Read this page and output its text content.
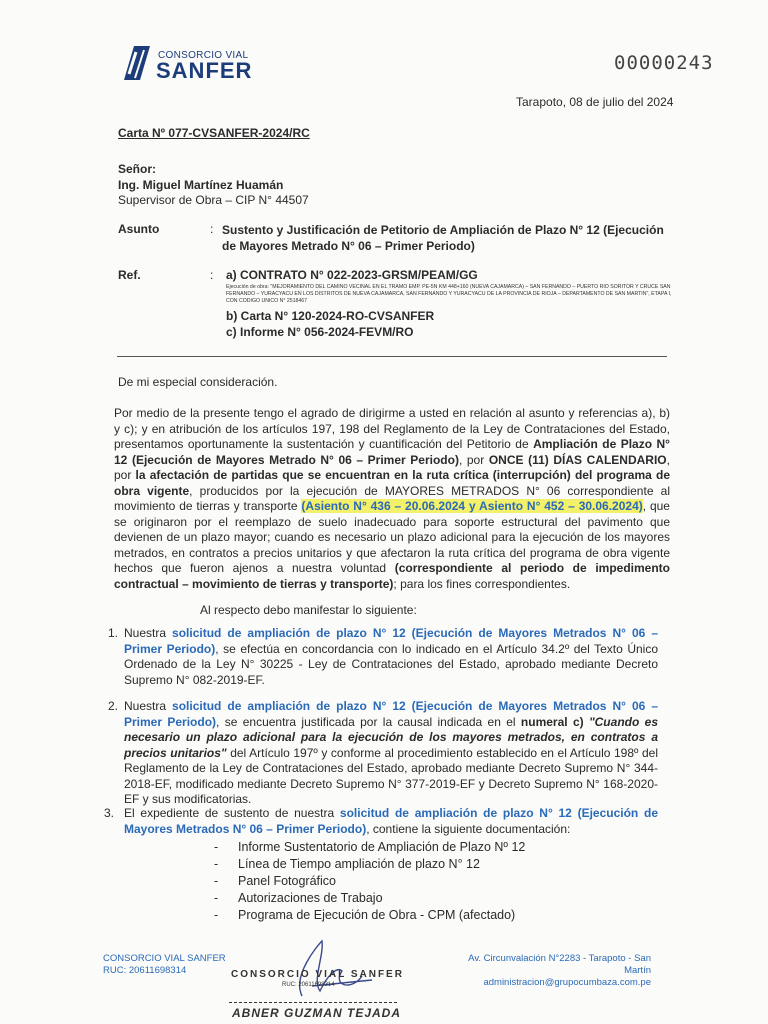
CONSORCIO VIAL
SANFER	00000243
Tarapoto, 08 de julio del 2024
Carta Nº 077-CVSANFER-2024/RC
Señor:
Ing. Miguel Martínez Huamán
Supervisor de Obra – CIP N° 44507
Asunto	: Sustento y Justificación de Petitorio de Ampliación de Plazo N° 12 (Ejecución de Mayores Metrado N° 06 – Primer Periodo)
Ref.	: a) CONTRATO N° 022-2023-GRSM/PEAM/GG
Ejecución de obra: "MEJORAMIENTO DEL CAMINO VECINAL EN EL TRAMO EMP. PE-5N KM 448+160 (NUEVA CAJAMARCA) – SAN FERNANDO – PUERTO RIO SORITOR Y CRUCE SAN FERNANDO – YURACYACU EN LOS DISTRITOS DE NUEVA CAJAMARCA, SAN FERNANDO Y YURACYACU DE LA PROVINCIA DE RIOJA – DEPARTAMENTO DE SAN MARTIN", ETAPA I, CON CODIGO UNICO N° 2518467
b) Carta N° 120-2024-RO-CVSANFER
c) Informe N° 056-2024-FEVM/RO
De mi especial consideración.
Por medio de la presente tengo el agrado de dirigirme a usted en relación al asunto y referencias a), b) y c); y en atribución de los artículos 197, 198 del Reglamento de la Ley de Contrataciones del Estado, presentamos oportunamente la sustentación y cuantificación del Petitorio de Ampliación de Plazo N° 12 (Ejecución de Mayores Metrado N° 06 – Primer Periodo), por ONCE (11) DÍAS CALENDARIO, por la afectación de partidas que se encuentran en la ruta crítica (interrupción) del programa de obra vigente, producidos por la ejecución de MAYORES METRADOS N° 06 correspondiente al movimiento de tierras y transporte (Asiento N° 436 – 20.06.2024 y Asiento N° 452 – 30.06.2024), que se originaron por el reemplazo de suelo inadecuado para soporte estructural del pavimento que devienen de un plazo mayor; cuando es necesario un plazo adicional para la ejecución de los mayores metrados, en contratos a precios unitarios y que afectaron la ruta crítica del programa de obra vigente hechos que fueron ajenos a nuestra voluntad (correspondiente al periodo de impedimento contractual – movimiento de tierras y transporte); para los fines correspondientes.
Al respecto debo manifestar lo siguiente:
1. Nuestra solicitud de ampliación de plazo N° 12 (Ejecución de Mayores Metrados N° 06 – Primer Periodo), se efectúa en concordancia con lo indicado en el Artículo 34.2º del Texto Único Ordenado de la Ley N° 30225 - Ley de Contrataciones del Estado, aprobado mediante Decreto Supremo N° 082-2019-EF.
2. Nuestra solicitud de ampliación de plazo N° 12 (Ejecución de Mayores Metrados N° 06 – Primer Periodo), se encuentra justificada por la causal indicada en el numeral c) "Cuando es necesario un plazo adicional para la ejecución de los mayores metrados, en contratos a precios unitarios" del Artículo 197º y conforme al procedimiento establecido en el Artículo 198º del Reglamento de la Ley de Contrataciones del Estado, aprobado mediante Decreto Supremo N° 344-2018-EF, modificado mediante Decreto Supremo N° 377-2019-EF y Decreto Supremo N° 168-2020-EF y sus modificatorias.
3. El expediente de sustento de nuestra solicitud de ampliación de plazo N° 12 (Ejecución de Mayores Metrados N° 06 – Primer Periodo), contiene la siguiente documentación:
-	Informe Sustentatorio de Ampliación de Plazo Nº 12
-	Línea de Tiempo ampliación de plazo N° 12
-	Panel Fotográfico
-	Autorizaciones de Trabajo
-	Programa de Ejecución de Obra - CPM (afectado)
CONSORCIO VIAL SANFER
RUC: 20611698314
Av. Circunvalación N°2283 - Tarapoto - San Martín
administracion@grupocumbaza.com.pe
CONSORCIO VIAL SANFER
RUC: 20611698314
ABNER GUZMAN TEJADA
